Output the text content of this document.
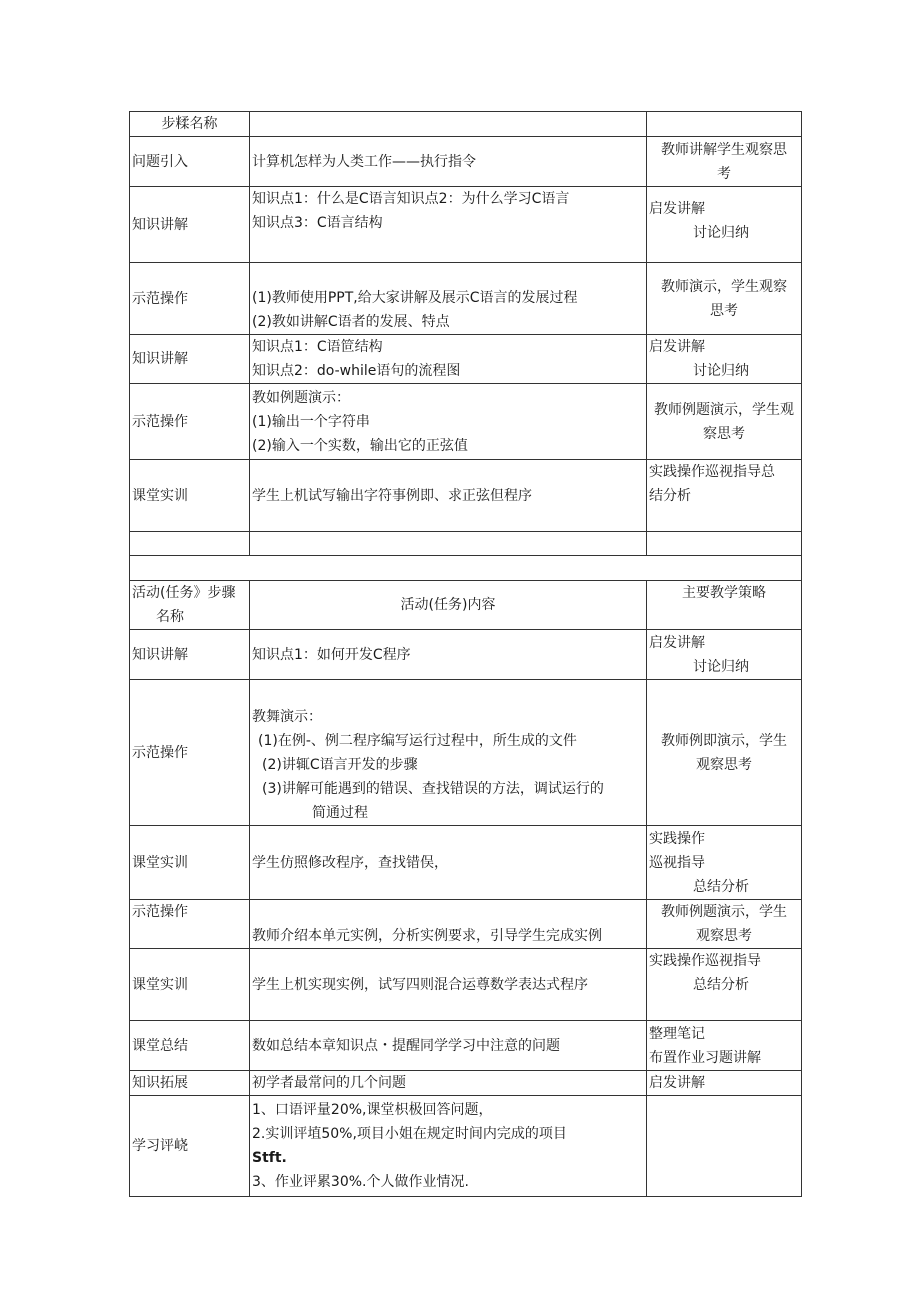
步糅名称		
问题引入	计算机怎样为人类工作——执行指令	教师讲解学生观察思
考

知识讲解	知识点1：什么是C语言知识点2：为什么学习C语言
知识点3：C语言结构	启发讲解
讨论归纳

示范操作	(1)教师使用PPT,给大家讲解及展示C语言的发展过程
(2)教如讲解C语者的发展、特点	教师演示，学生观察
思考

知识讲解	知识点1：C语笸结构
知识点2：do-while语句的流程图	启发讲解
讨论归纳

示范操作	教如例题演示：
(1)输出一个字符串
(2)输入一个实数，输出它的正弦值	教师例题演示，学生观
察思考

课堂实训	学生上机试写输出字符事例即、求正弦但程序	实践操作巡视指导总
结分析

活动(任务》步骤
名称	活动(任务)内容	主要教学策略
知识讲解	知识点1：如何开发C程序	启发讲解
讨论归纳

示范操作	教舞演示：
(1)在例-、例二程序编写运行过程中，所生成的文件
(2)讲辄C语言开发的步骤
(3)讲解可能遇到的错误、查找错误的方法，调试运行的
简通过程	教师例即演示，学生
观察思考

课堂实训	学生仿照修改程序，查找错俣，	实践操作
巡视指导
总结分析

示范操作	教师介绍本单元实例，分析实例要求，引导学生完成实例	教师例题演示，学生
观察思考

课堂实训	学生上机实现实例，试写四则混合运尊数学表达式程序	实践操作巡视指导
总结分析

课堂总结	数如总结本章知识点・提醒同学学习中注意的问题	整理笔记
布置作业习题讲解

知识拓展	初学者最常问的几个问题	启发讲解

学习评峣	1、口语评量20%,课堂枳极回答问题，
2.实训评埴50%,项目小姐在规定时间内完成的项目
Stft.
3、作业评累30%.个人做作业情况.	
